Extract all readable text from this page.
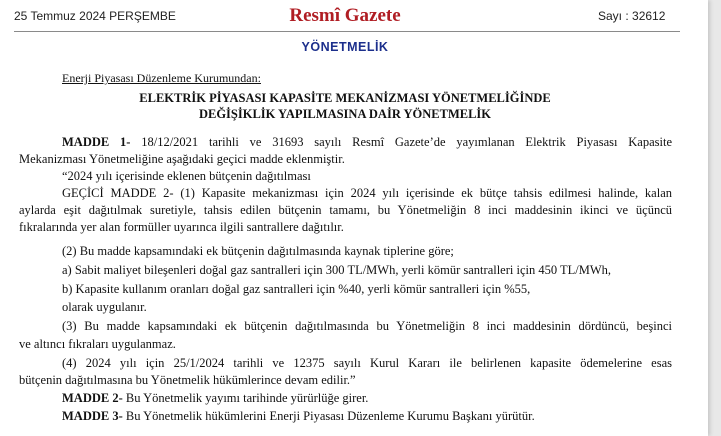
25 Temmuz 2024 PERŞEMBE	Resmî Gazete	Sayı : 32612
YÖNETMELİK
Enerji Piyasası Düzenleme Kurumundan:
ELEKTRİK PİYASASI KAPASİTE MEKANİZMASI YÖNETMELİĞİNDE
DEĞİŞİKLİK YAPILMASINA DAİR YÖNETMELİK
MADDE 1- 18/12/2021 tarihli ve 31693 sayılı Resmî Gazete’de yayımlanan Elektrik Piyasası Kapasite
Mekanizması Yönetmeliğine aşağıdaki geçici madde eklenmiştir.
“2024 yılı içerisinde eklenen bütçenin dağıtılması
GEÇİCİ MADDE 2- (1) Kapasite mekanizması için 2024 yılı içerisinde ek bütçe tahsis edilmesi halinde, kalan
aylarda eşit dağıtılmak suretiyle, tahsis edilen bütçenin tamamı, bu Yönetmeliğin 8 inci maddesinin ikinci ve üçüncü
fıkralarında yer alan formüller uyarınca ilgili santrallere dağıtılır.
(2) Bu madde kapsamındaki ek bütçenin dağıtılmasında kaynak tiplerine göre;
a) Sabit maliyet bileşenleri doğal gaz santralleri için 300 TL/MWh, yerli kömür santralleri için 450 TL/MWh,
b) Kapasite kullanım oranları doğal gaz santralleri için %40, yerli kömür santralleri için %55,
olarak uygulanır.
(3) Bu madde kapsamındaki ek bütçenin dağıtılmasında bu Yönetmeliğin 8 inci maddesinin dördüncü, beşinci
ve altıncı fıkraları uygulanmaz.
(4) 2024 yılı için 25/1/2024 tarihli ve 12375 sayılı Kurul Kararı ile belirlenen kapasite ödemelerine esas
bütçenin dağıtılmasına bu Yönetmelik hükümlerince devam edilir.”
MADDE 2- Bu Yönetmelik yayımı tarihinde yürürlüğe girer.
MADDE 3- Bu Yönetmelik hükümlerini Enerji Piyasası Düzenleme Kurumu Başkanı yürütür.
